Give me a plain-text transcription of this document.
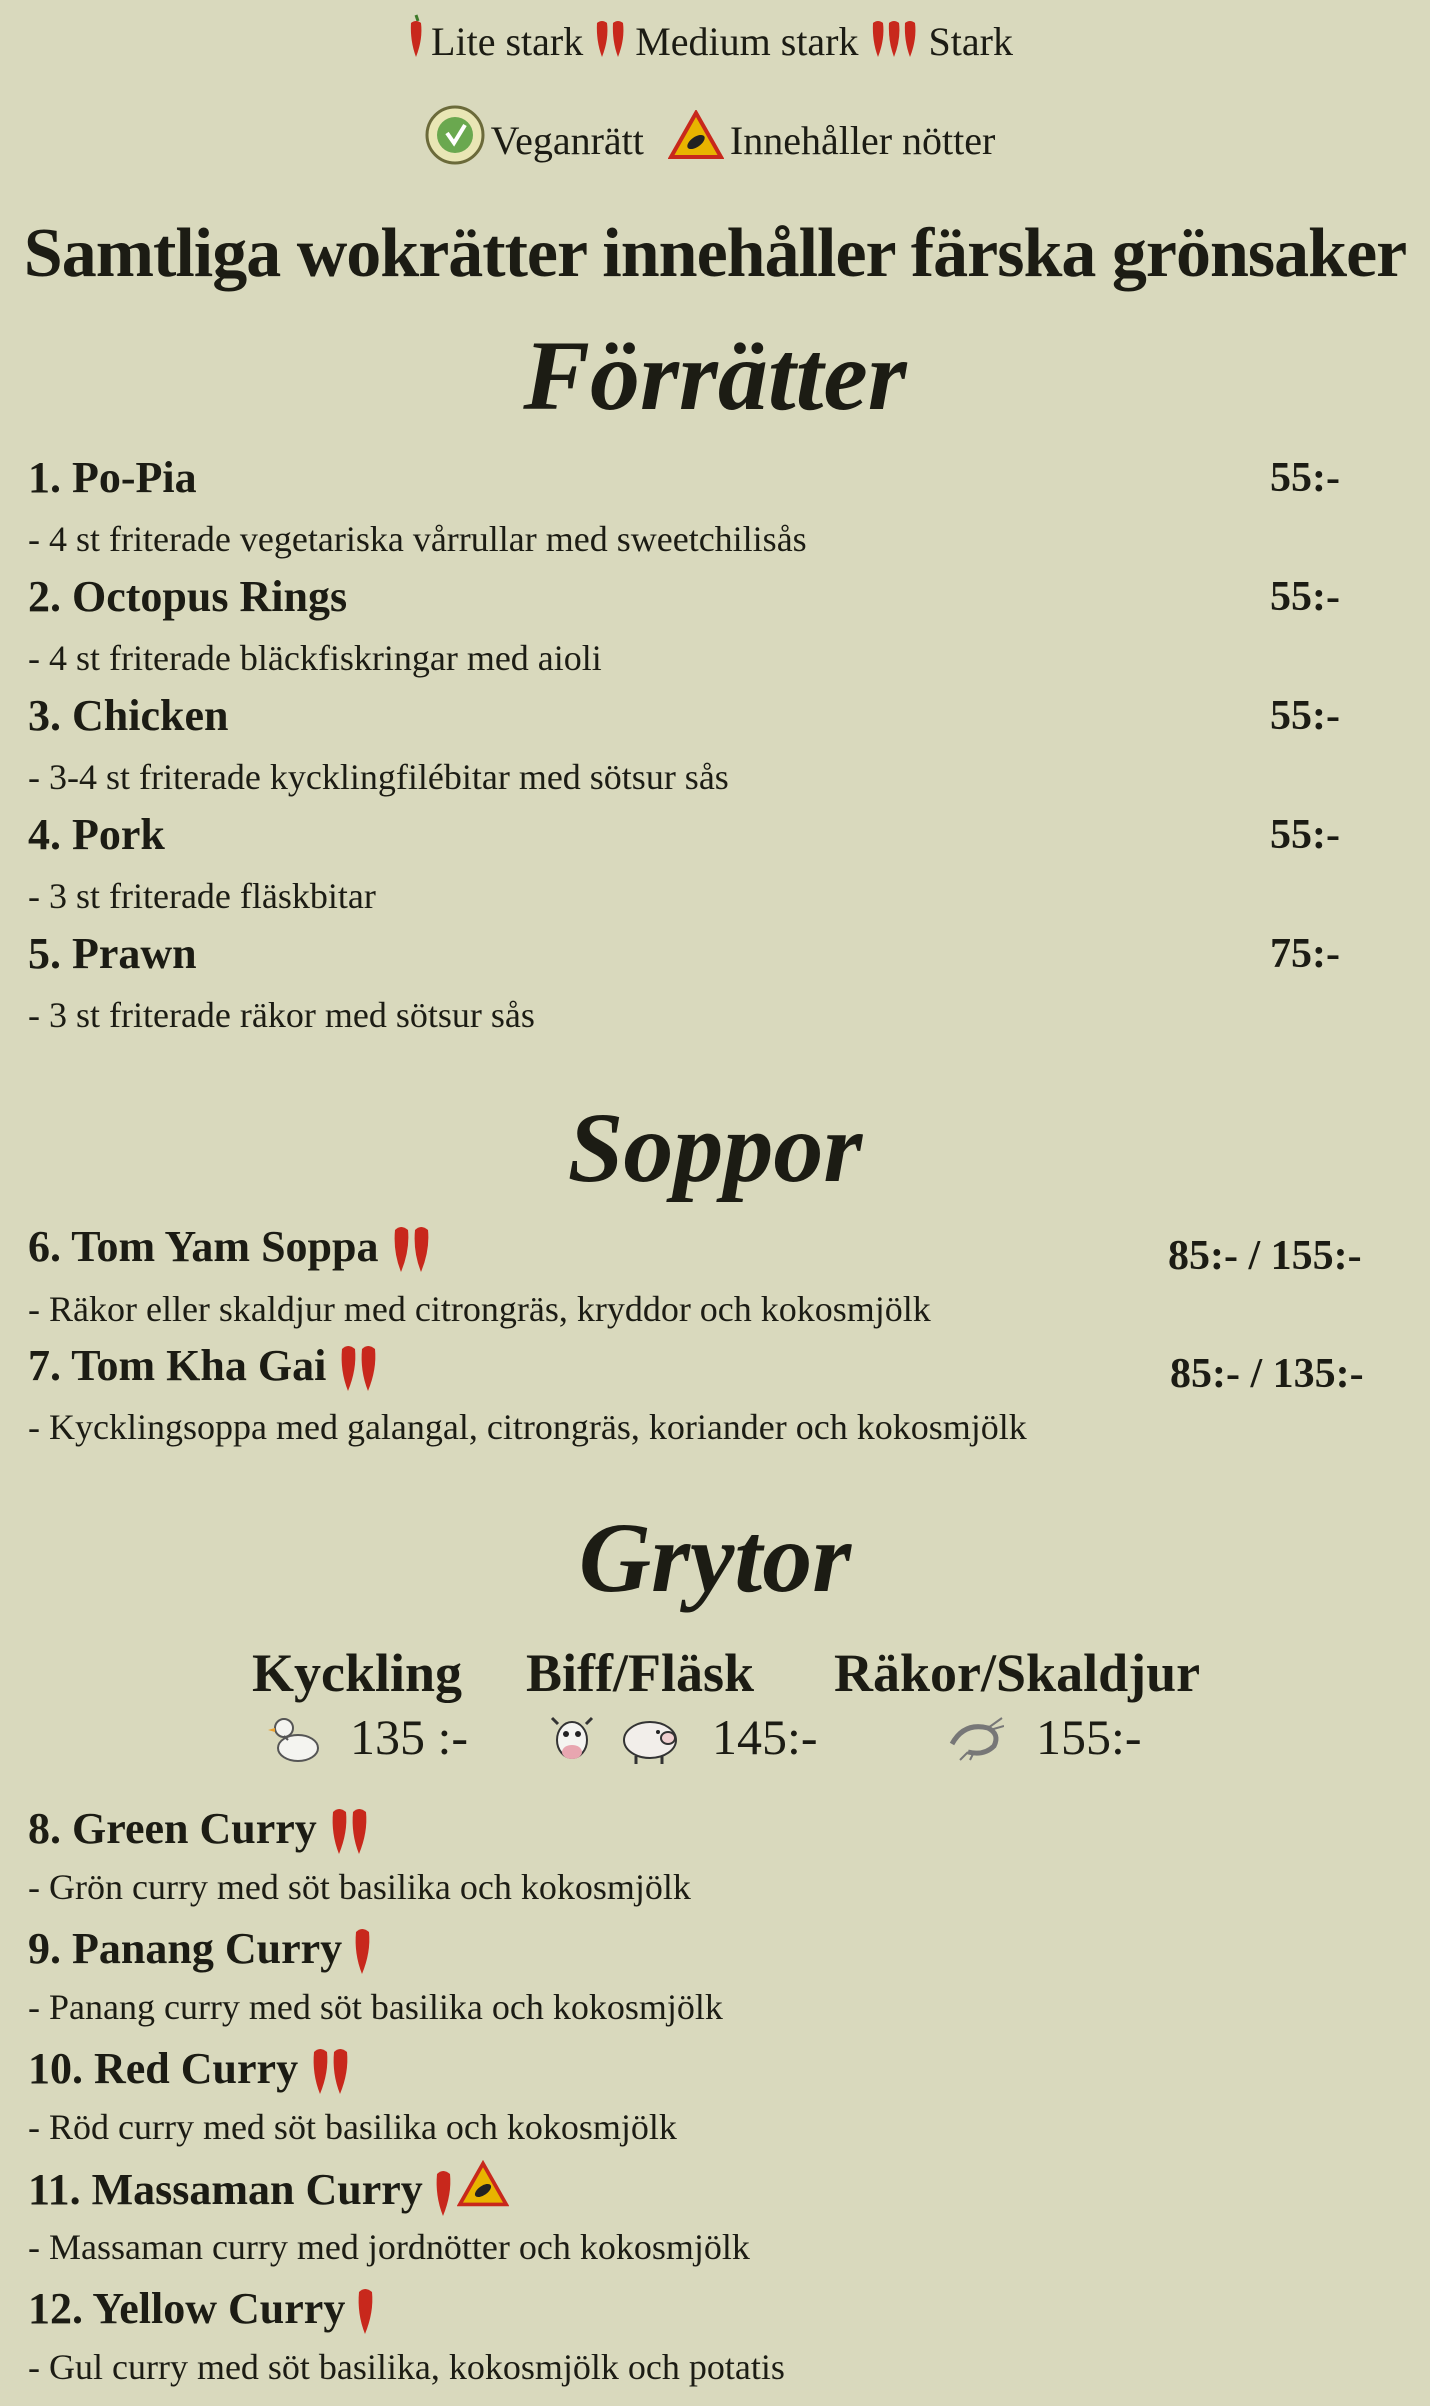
Lite stark Medium stark Stark
Veganrätt Innehåller nötter
Samtliga wokrätter innehåller färska grönsaker
Förrätter
1. Po-Pia	55:-
- 4 st friterade vegetariska vårrullar med sweetchilisås
2. Octopus Rings	55:-
- 4 st friterade bläckfiskringar med aioli
3. Chicken	55:-
- 3-4 st friterade kycklingfilébitar med sötsur sås
4. Pork	55:-
- 3 st friterade fläskbitar
5. Prawn	75:-
- 3 st friterade räkor med sötsur sås
Soppor
6. Tom Yam Soppa	85:- / 155:-
- Räkor eller skaldjur med citrongräs, kryddor och kokosmjölk
7. Tom Kha Gai	85:- / 135:-
- Kycklingsoppa med galangal, citrongräs, koriander och kokosmjölk
Grytor
Kyckling Biff/Fläsk Räkor/Skaldjur
135 :-	145:-	155:-
8. Green Curry
- Grön curry med söt basilika och kokosmjölk
9. Panang Curry
- Panang curry med söt basilika och kokosmjölk
10. Red Curry
- Röd curry med söt basilika och kokosmjölk
11. Massaman Curry
- Massaman curry med jordnötter och kokosmjölk
12. Yellow Curry
- Gul curry med söt basilika, kokosmjölk och potatis
